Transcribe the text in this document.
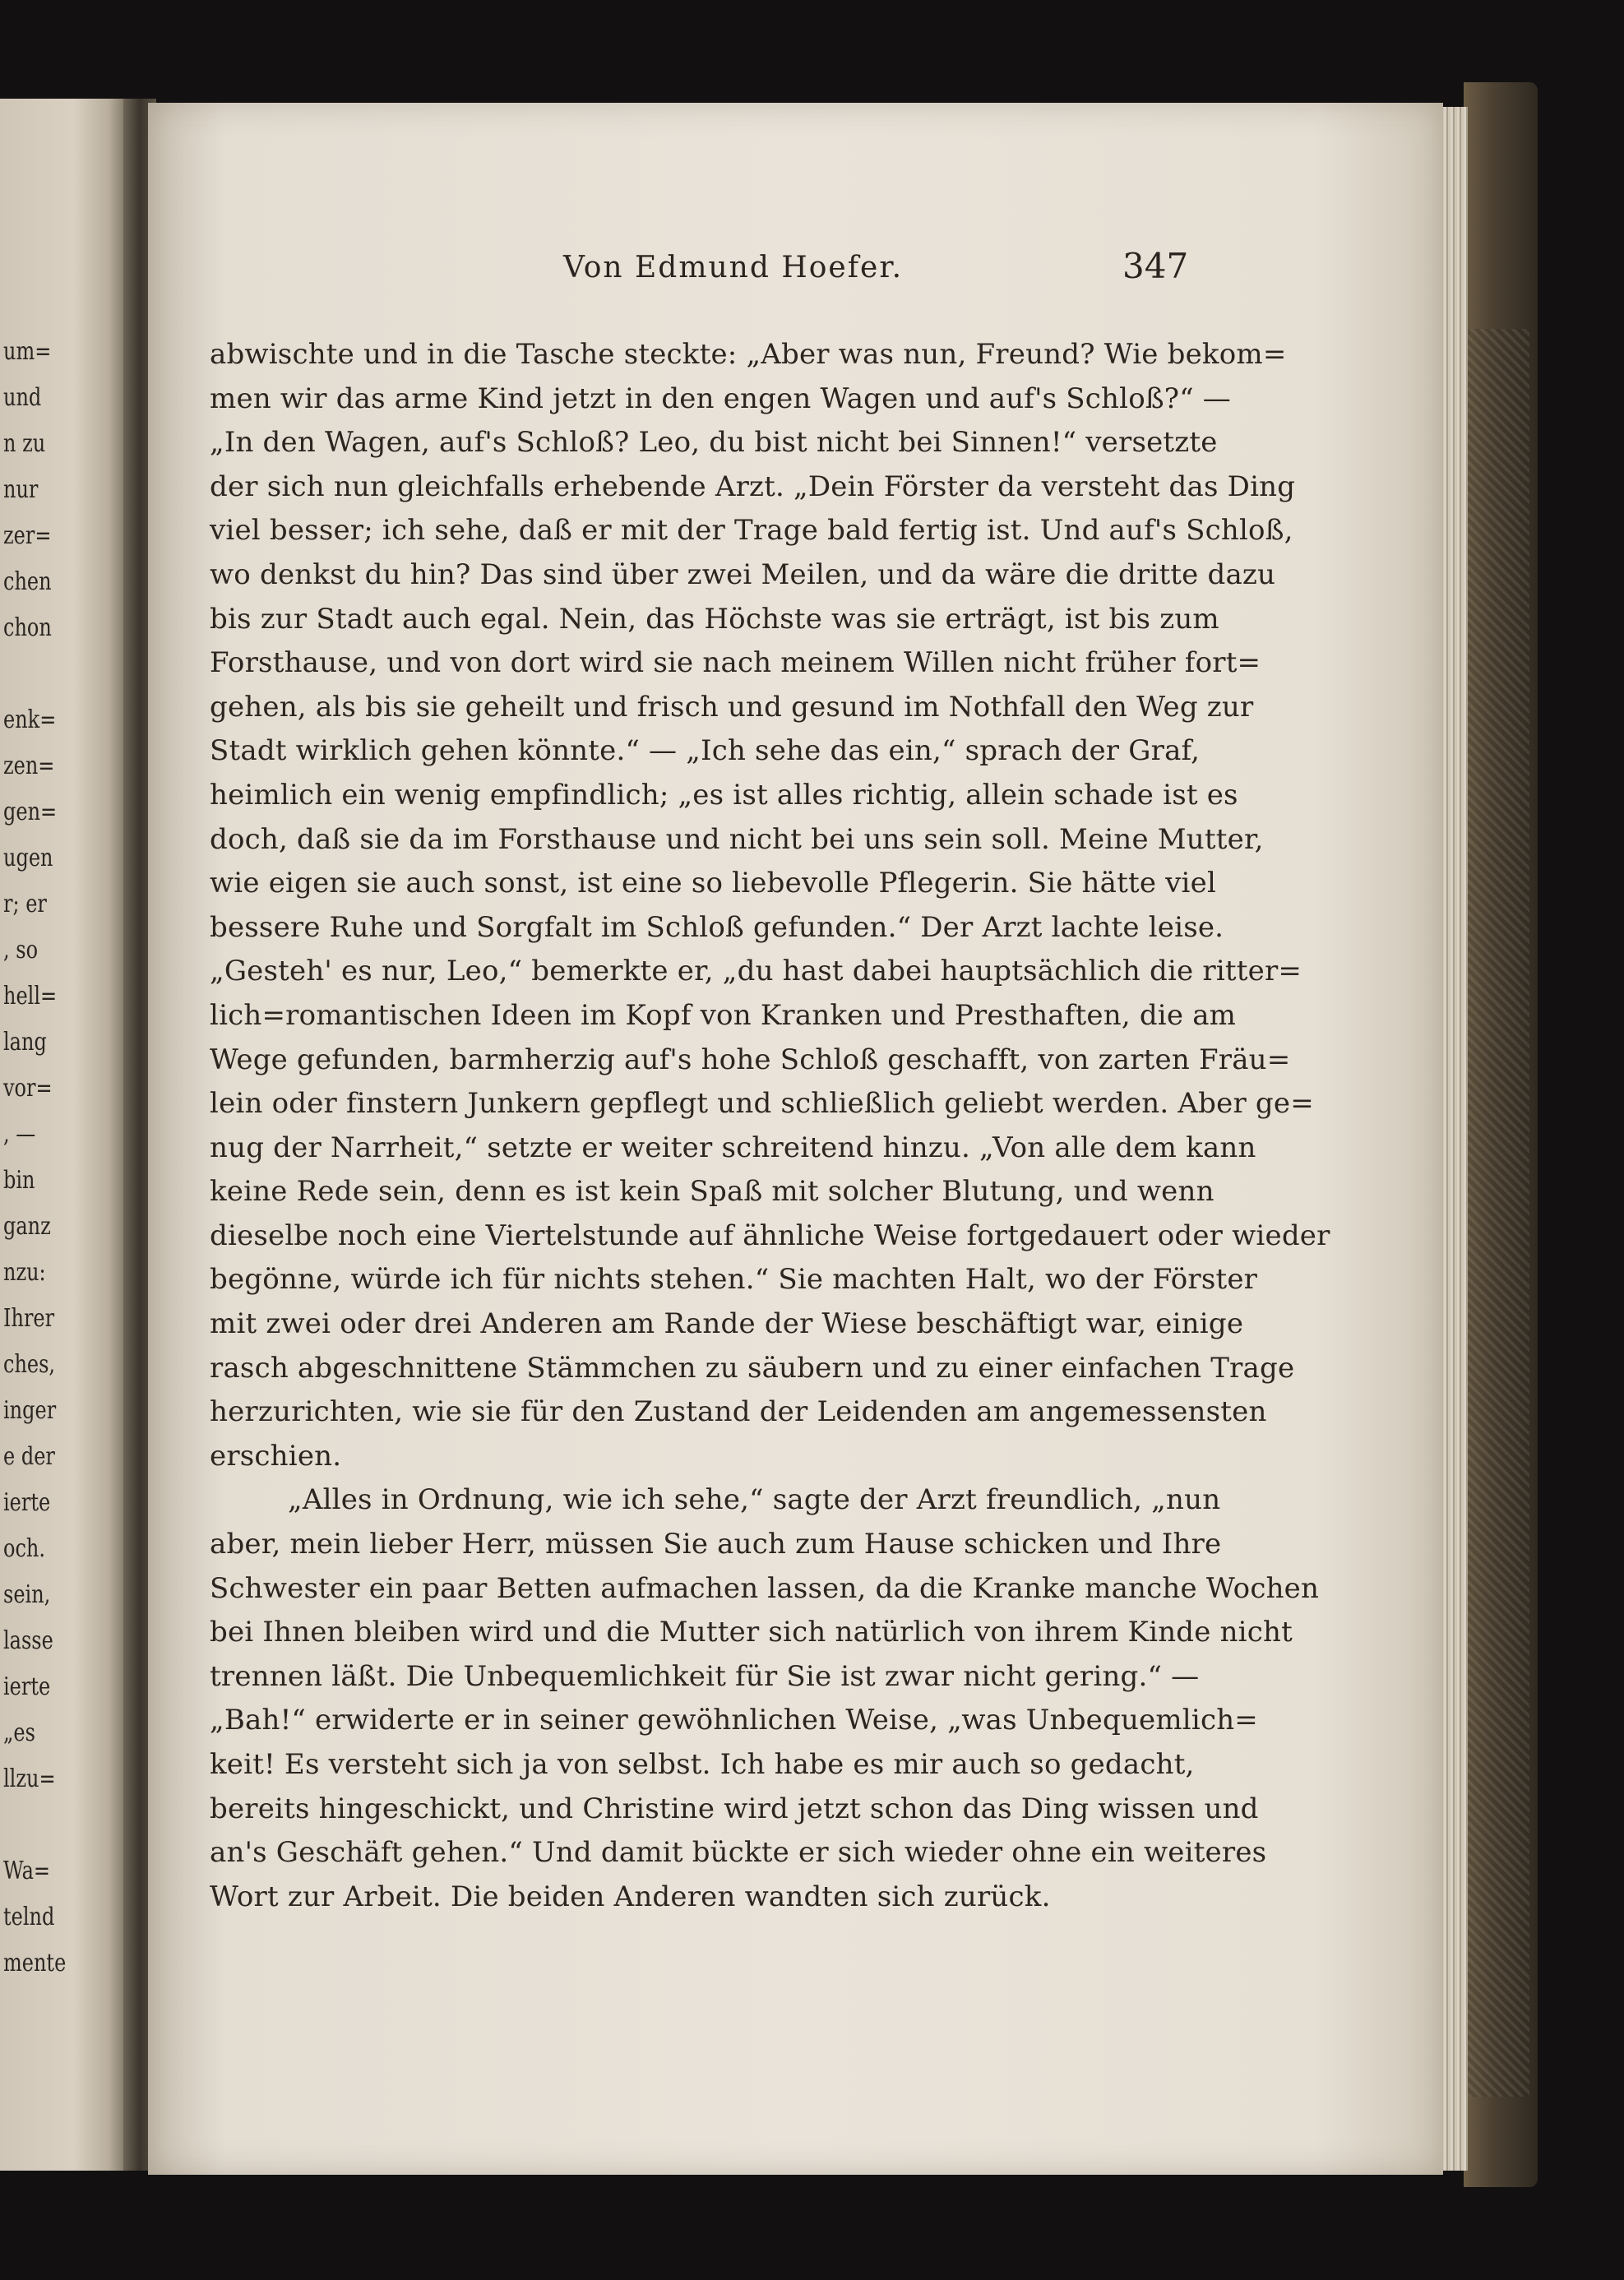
um=
und
n zu
nur
zer=
chen
chon
enk=
zen=
gen=
ugen
r; er
, so
hell=
lang
vor=
, —
bin
ganz
nzu:
Ihrer
ches,
inger
e der
ierte
och.
sein,
lasse
ierte
„es
llzu=
Wa=
telnd
mente
Von Edmund Hoefer.	347
abwischte und in die Tasche steckte: „Aber was nun, Freund? Wie bekom=
men wir das arme Kind jetzt in den engen Wagen und auf's Schloß?“ —
„In den Wagen, auf's Schloß? Leo, du bist nicht bei Sinnen!“ versetzte
der sich nun gleichfalls erhebende Arzt. „Dein Förster da versteht das Ding
viel besser; ich sehe, daß er mit der Trage bald fertig ist. Und auf's Schloß,
wo denkst du hin? Das sind über zwei Meilen, und da wäre die dritte dazu
bis zur Stadt auch egal. Nein, das Höchste was sie erträgt, ist bis zum
Forsthause, und von dort wird sie nach meinem Willen nicht früher fort=
gehen, als bis sie geheilt und frisch und gesund im Nothfall den Weg zur
Stadt wirklich gehen könnte.“ — „Ich sehe das ein,“ sprach der Graf,
heimlich ein wenig empfindlich; „es ist alles richtig, allein schade ist es
doch, daß sie da im Forsthause und nicht bei uns sein soll. Meine Mutter,
wie eigen sie auch sonst, ist eine so liebevolle Pflegerin. Sie hätte viel
bessere Ruhe und Sorgfalt im Schloß gefunden.“ Der Arzt lachte leise.
„Gesteh' es nur, Leo,“ bemerkte er, „du hast dabei hauptsächlich die ritter=
lich=romantischen Ideen im Kopf von Kranken und Presthaften, die am
Wege gefunden, barmherzig auf's hohe Schloß geschafft, von zarten Fräu=
lein oder finstern Junkern gepflegt und schließlich geliebt werden. Aber ge=
nug der Narrheit,“ setzte er weiter schreitend hinzu. „Von alle dem kann
keine Rede sein, denn es ist kein Spaß mit solcher Blutung, und wenn
dieselbe noch eine Viertelstunde auf ähnliche Weise fortgedauert oder wieder
begönne, würde ich für nichts stehen.“ Sie machten Halt, wo der Förster
mit zwei oder drei Anderen am Rande der Wiese beschäftigt war, einige
rasch abgeschnittene Stämmchen zu säubern und zu einer einfachen Trage
herzurichten, wie sie für den Zustand der Leidenden am angemessensten
erschien.
„Alles in Ordnung, wie ich sehe,“ sagte der Arzt freundlich, „nun
aber, mein lieber Herr, müssen Sie auch zum Hause schicken und Ihre
Schwester ein paar Betten aufmachen lassen, da die Kranke manche Wochen
bei Ihnen bleiben wird und die Mutter sich natürlich von ihrem Kinde nicht
trennen läßt. Die Unbequemlichkeit für Sie ist zwar nicht gering.“ —
„Bah!“ erwiderte er in seiner gewöhnlichen Weise, „was Unbequemlich=
keit! Es versteht sich ja von selbst. Ich habe es mir auch so gedacht,
bereits hingeschickt, und Christine wird jetzt schon das Ding wissen und
an's Geschäft gehen.“ Und damit bückte er sich wieder ohne ein weiteres
Wort zur Arbeit. Die beiden Anderen wandten sich zurück.
